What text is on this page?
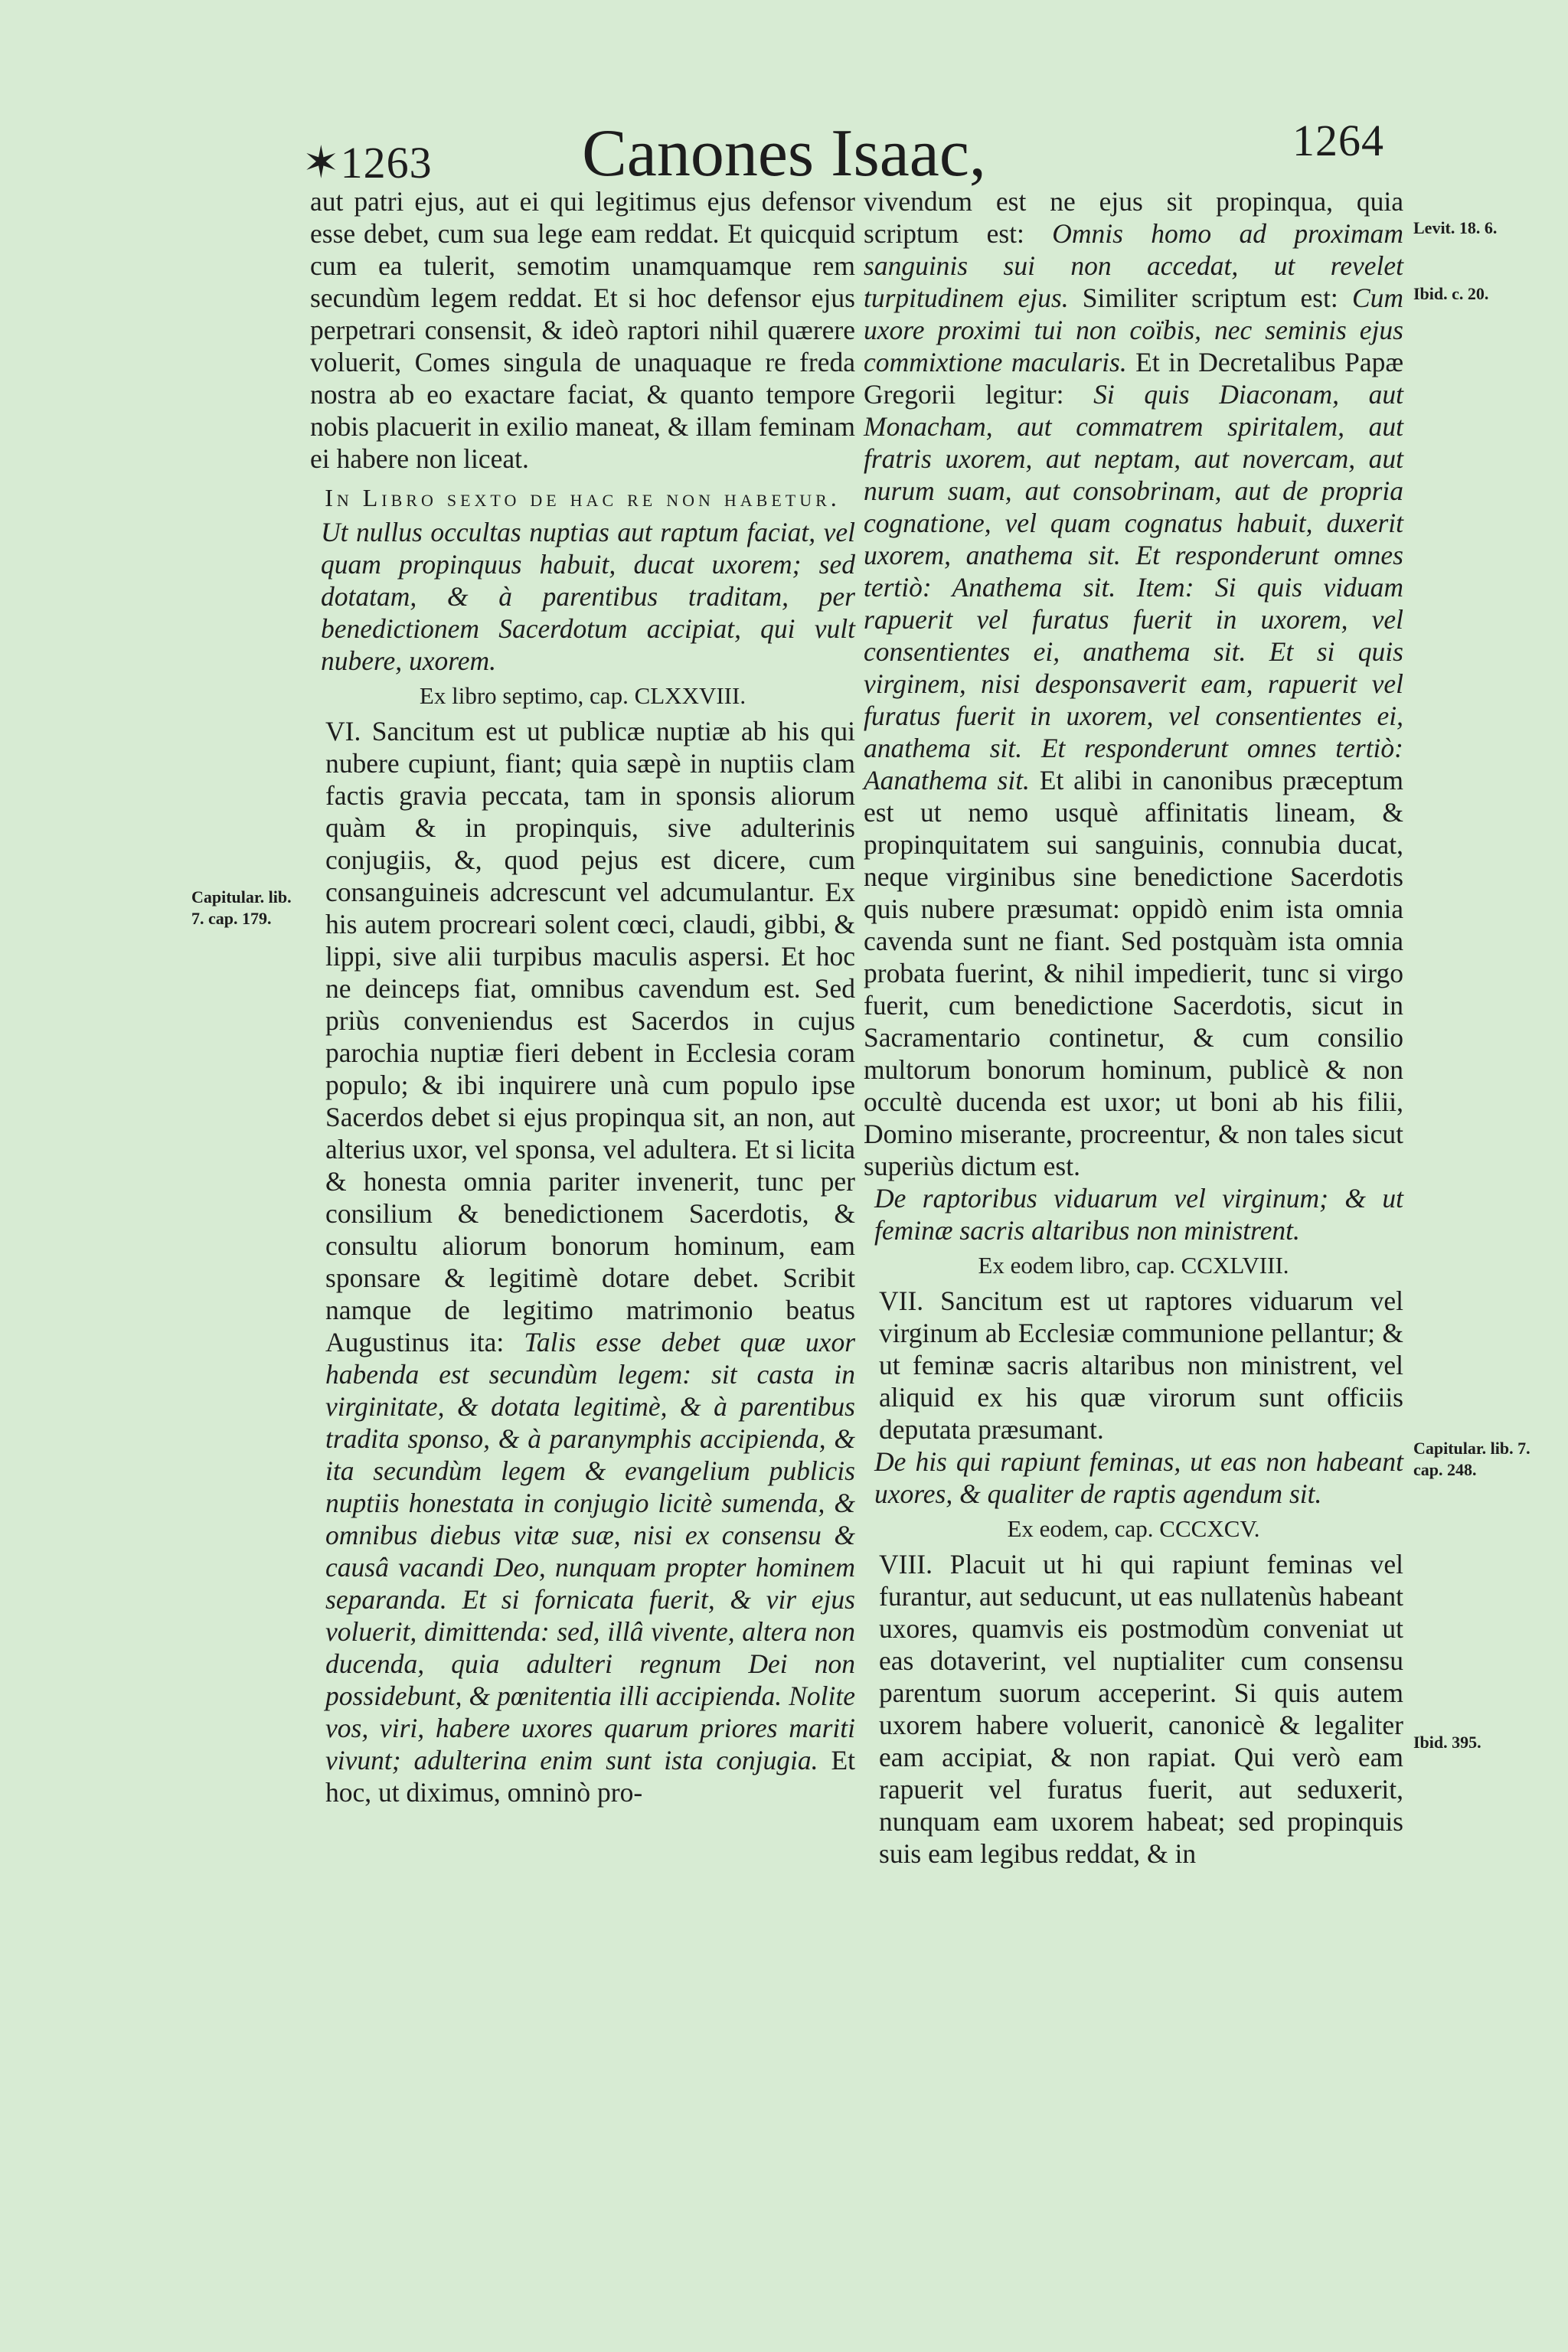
✶1263	Canones Isaac,	1264

aut patri ejus, aut ei qui legitimus ejus defensor esse debet, cum sua lege eam reddat. Et quicquid cum ea tulerit, semotim unamquamque rem secundùm legem reddat. Et si hoc defensor ejus perpetrari consensit, & ideò raptori nihil quærere voluerit, Comes singula de unaquaque re freda nostra ab eo exactare faciat, & quanto tempore nobis placuerit in exilio maneat, & illam feminam ei habere non liceat.

In Libro sexto de hac re non habetur.

Ut nullus occultas nuptias aut raptum faciat, vel quam propinquus habuit, ducat uxorem; sed dotatam, & à parentibus traditam, per benedictionem Sacerdotum accipiat, qui vult nubere, uxorem.

Ex libro septimo, cap. CLXXVIII.

VI. Sancitum est ut publicæ nuptiæ ab his qui nubere cupiunt, fiant; quia sæpè in nuptiis clam factis gravia peccata, tam in sponsis aliorum quàm & in propinquis, sive adulterinis conjugiis, &, quod pejus est dicere, cum consanguineis adcrescunt vel adcumulantur. Ex his autem procreari solent cœci, claudi, gibbi, & lippi, sive alii turpibus maculis aspersi. Et hoc ne deinceps fiat, omnibus cavendum est. Sed priùs conveniendus est Sacerdos in cujus parochia nuptiæ fieri debent in Ecclesia coram populo; & ibi inquirere unà cum populo ipse Sacerdos debet si ejus propinqua sit, an non, aut alterius uxor, vel sponsa, vel adultera. Et si licita & honesta omnia pariter invenerit, tunc per consilium & benedictionem Sacerdotis, & consultu aliorum bonorum hominum, eam sponsare & legitimè dotare debet. Scribit namque de legitimo matrimonio beatus Augustinus ita: Talis esse debet quæ uxor habenda est secundùm legem: sit casta in virginitate, & dotata legitimè, & à parentibus tradita sponso, & à paranymphis accipienda, & ita secundùm legem & evangelium publicis nuptiis honestata in conjugio licitè sumenda, & omnibus diebus vitæ suæ, nisi ex consensu & causâ vacandi Deo, nunquam propter hominem separanda. Et si fornicata fuerit, & vir ejus voluerit, dimittenda: sed, illâ vivente, altera non ducenda, quia adulteri regnum Dei non possidebunt, & pœnitentia illi accipienda. Nolite vos, viri, habere uxores quarum priores mariti vivunt; adulterina enim sunt ista conjugia. Et hoc, ut diximus, omninò pro-

vivendum est ne ejus sit propinqua, quia scriptum est: Omnis homo ad proximam sanguinis sui non accedat, ut revelet turpitudinem ejus. Similiter scriptum est: Cum uxore proximi tui non coïbis, nec seminis ejus commixtione macularis. Et in Decretalibus Papæ Gregorii legitur: Si quis Diaconam, aut Monacham, aut commatrem spiritalem, aut fratris uxorem, aut neptam, aut novercam, aut nurum suam, aut consobrinam, aut de propria cognatione, vel quam cognatus habuit, duxerit uxorem, anathema sit. Et responderunt omnes tertiò: Anathema sit. Item: Si quis viduam rapuerit vel furatus fuerit in uxorem, vel consentientes ei, anathema sit. Et si quis virginem, nisi desponsaverit eam, rapuerit vel furatus fuerit in uxorem, vel consentientes ei, anathema sit. Et responderunt omnes tertiò: Aanathema sit. Et alibi in canonibus præceptum est ut nemo usquè affinitatis lineam, & propinquitatem sui sanguinis, connubia ducat, neque virginibus sine benedictione Sacerdotis quis nubere præsumat: oppidò enim ista omnia cavenda sunt ne fiant. Sed postquàm ista omnia probata fuerint, & nihil impedierit, tunc si virgo fuerit, cum benedictione Sacerdotis, sicut in Sacramentario continetur, & cum consilio multorum bonorum hominum, publicè & non occultè ducenda est uxor; ut boni ab his filii, Domino miserante, procreentur, & non tales sicut superiùs dictum est.

De raptoribus viduarum vel virginum; & ut feminæ sacris altaribus non ministrent.

Ex eodem libro, cap. CCXLVIII.

VII. Sancitum est ut raptores viduarum vel virginum ab Ecclesiæ communione pellantur; & ut feminæ sacris altaribus non ministrent, vel aliquid ex his quæ virorum sunt officiis deputata præsumant.

De his qui rapiunt feminas, ut eas non habeant uxores, & qualiter de raptis agendum sit.

Ex eodem, cap. CCCXCV.

VIII. Placuit ut hi qui rapiunt feminas vel furantur, aut seducunt, ut eas nullatenùs habeant uxores, quamvis eis postmodùm conveniat ut eas dotaverint, vel nuptialiter cum consensu parentum suorum acceperint. Si quis autem uxorem habere voluerit, canonicè & legaliter eam accipiat, & non rapiat. Qui verò eam rapuerit vel furatus fuerit, aut seduxerit, nunquam eam uxorem habeat; sed propinquis suis eam legibus reddat, & in

Capitular. lib. 7. cap. 179.
Levit. 18. 6.
Ibid. c. 20.
Capitular. lib. 7. cap. 248.
Ibid. 395.
